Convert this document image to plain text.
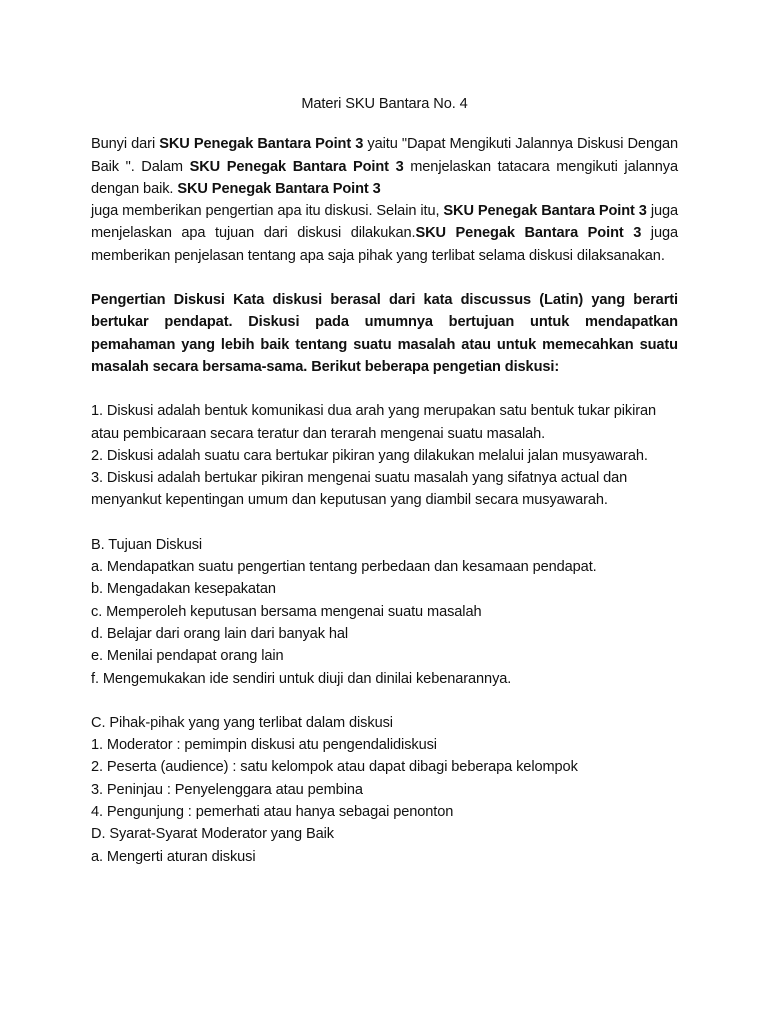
Materi SKU Bantara No. 4

Bunyi dari SKU Penegak Bantara Point 3 yaitu "Dapat Mengikuti Jalannya Diskusi Dengan Baik ". Dalam SKU Penegak Bantara Point 3 menjelaskan tatacara mengikuti jalannya dengan baik. SKU Penegak Bantara Point 3
juga memberikan pengertian apa itu diskusi. Selain itu, SKU Penegak Bantara Point 3 juga menjelaskan apa tujuan dari diskusi dilakukan.SKU Penegak Bantara Point 3 juga memberikan penjelasan tentang apa saja pihak yang terlibat selama diskusi dilaksanakan.

Pengertian Diskusi Kata diskusi berasal dari kata discussus (Latin) yang berarti bertukar pendapat. Diskusi pada umumnya bertujuan untuk mendapatkan pemahaman yang lebih baik tentang suatu masalah atau untuk memecahkan suatu masalah secara bersama-sama. Berikut beberapa pengetian diskusi:

1. Diskusi adalah bentuk komunikasi dua arah yang merupakan satu bentuk tukar pikiran atau pembicaraan secara teratur dan terarah mengenai suatu masalah.

2. Diskusi adalah suatu cara bertukar pikiran yang dilakukan melalui jalan musyawarah.

3. Diskusi adalah bertukar pikiran mengenai suatu masalah yang sifatnya actual dan menyankut kepentingan umum dan keputusan yang diambil secara musyawarah.

B. Tujuan Diskusi

a. Mendapatkan suatu pengertian tentang perbedaan dan kesamaan pendapat.

b. Mengadakan kesepakatan

c. Memperoleh keputusan bersama mengenai suatu masalah

d. Belajar dari orang lain dari banyak hal

e. Menilai pendapat orang lain

f. Mengemukakan ide sendiri untuk diuji dan dinilai kebenarannya.

C. Pihak-pihak yang yang terlibat dalam diskusi

1. Moderator : pemimpin diskusi atu pengendalidiskusi

2. Peserta (audience) : satu kelompok atau dapat dibagi beberapa kelompok

3. Peninjau : Penyelenggara atau pembina

4. Pengunjung : pemerhati atau hanya sebagai penonton

D. Syarat-Syarat Moderator yang Baik

a. Mengerti aturan diskusi
